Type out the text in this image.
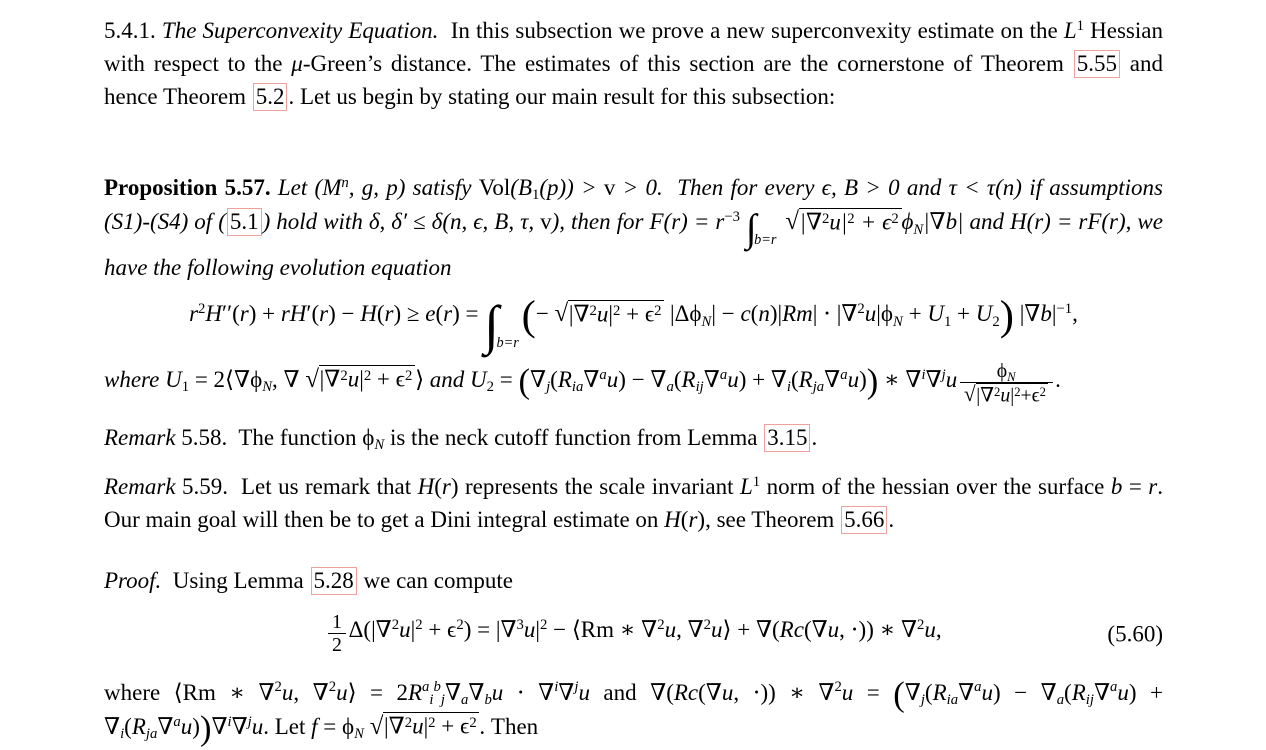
5.4.1. The Superconvexity Equation.  In this subsection we prove a new superconvexity estimate on the $L^1$ Hessian with respect to the μ-Green’s distance. The estimates of this section are the cornerstone of Theorem 5.55 and hence Theorem 5.2 . Let us begin by stating our main result for this subsection:

Proposition 5.57. Let ($M^n$, g, p) satisfy Vol(B1(p)) > v > 0.  Then for every ϵ, B > 0 and τ < τ(n) if assumptions (S1)-(S4) of ( 5.1 ) hold with δ, δ′ ≤ δ(n, ϵ, B, τ, v), then for $F(r) = r^{-3}$ $\int_{b=r}$ $√|\nabla^2u|^2 + \epsilon^2$ ϕN|∇b| and H(r) = rF(r), we have the following evolution equation

$r^2H''(r) + rH'(r) - H(r) \ge e(r) = \int_{b=r}(- √|\nabla^2u|^2 + \epsilon^2$ |ΔϕN| − c(n)|Rm| ⋅ |∇$^2$u|ϕN + U1 + U2) $|\nabla b|^{-1}$,

where U1 = 2⟨∇ϕN, ∇ $√|\nabla^2u|^2 + \epsilon^2$ ⟩ and U2 = (∇j(Ria∇$^a$u) − ∇a(Rij∇$^a$u) + ∇i(Rja∇$^a$u)) ∗ $\nabla^i\nabla^ju \frac{\phi N}{√|\nabla^2u|^2+\epsilon^2}$ .

Remark 5.58.  The function ϕN is the neck cutoff function from Lemma 3.15 .

Remark 5.59.  Let us remark that H(r) represents the scale invariant $L^1$ norm of the hessian over the surface b = r. Our main goal will then be to get a Dini integral estimate on H(r), see Theorem 5.66 .

Proof.  Using Lemma 5.28 we can compute

$\frac{1}{2} \Delta(|\nabla^2u|^2 + \epsilon^2) = |\nabla^3u|^2$ − ⟨Rm ∗ ∇$^2$u, ∇$^2$u⟩ + ∇(Rc(∇u, ⋅)) ∗ ∇$^2$u,	(5.60)

where ⟨Rm ∗ ∇$^2$u, ∇$^2$u⟩ = $2R^ai^bj\nabla a\nabla bu \cdot \nabla^i\nabla^ju$ and ∇(Rc(∇u, ⋅)) ∗ ∇$^2$u = (∇j(Ria∇$^a$u) − ∇a(Rij∇$^a$u) + ∇i(Rja∇$^a$u))∇$^i$∇$^j$u. Let f = ϕN $√|\nabla^2u|^2 + \epsilon^2$ . Then
